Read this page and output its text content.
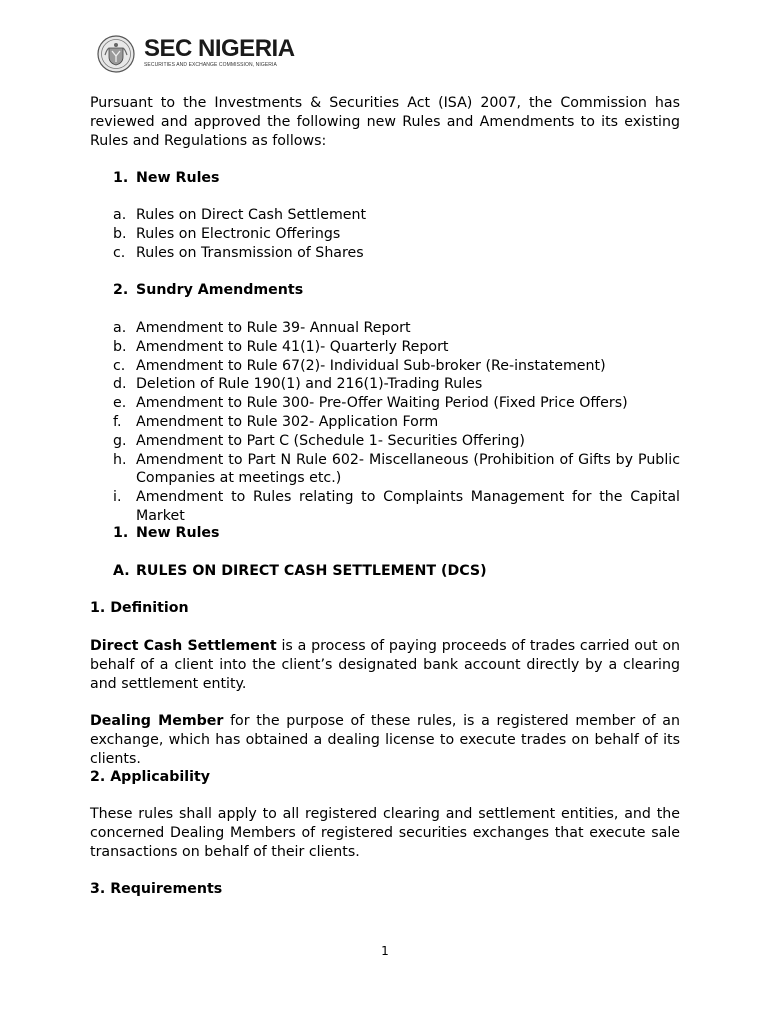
SEC NIGERIA
SECURITIES AND EXCHANGE COMMISSION, NIGERIA
Pursuant to the Investments & Securities Act (ISA) 2007, the Commission has reviewed and approved the following new Rules and Amendments to its existing Rules and Regulations as follows:
1. New Rules
a. Rules on Direct Cash Settlement
b. Rules on Electronic Offerings
c. Rules on Transmission of Shares
2. Sundry Amendments
a. Amendment to Rule 39- Annual Report
b. Amendment to Rule 41(1)- Quarterly Report
c. Amendment to Rule 67(2)- Individual Sub-broker (Re-instatement)
d. Deletion of Rule 190(1) and 216(1)-Trading Rules
e. Amendment to Rule 300- Pre-Offer Waiting Period (Fixed Price Offers)
f. Amendment to Rule 302- Application Form
g. Amendment to Part C (Schedule 1- Securities Offering)
h. Amendment to Part N Rule 602- Miscellaneous (Prohibition of Gifts by Public Companies at meetings etc.)
i. Amendment to Rules relating to Complaints Management for the Capital Market
1. New Rules
A. RULES ON DIRECT CASH SETTLEMENT (DCS)
1. Definition
Direct Cash Settlement is a process of paying proceeds of trades carried out on behalf of a client into the client’s designated bank account directly by a clearing and settlement entity.
Dealing Member for the purpose of these rules, is a registered member of an exchange, which has obtained a dealing license to execute trades on behalf of its clients.
2. Applicability
These rules shall apply to all registered clearing and settlement entities, and the concerned Dealing Members of registered securities exchanges that execute sale transactions on behalf of their clients.
3. Requirements
1
